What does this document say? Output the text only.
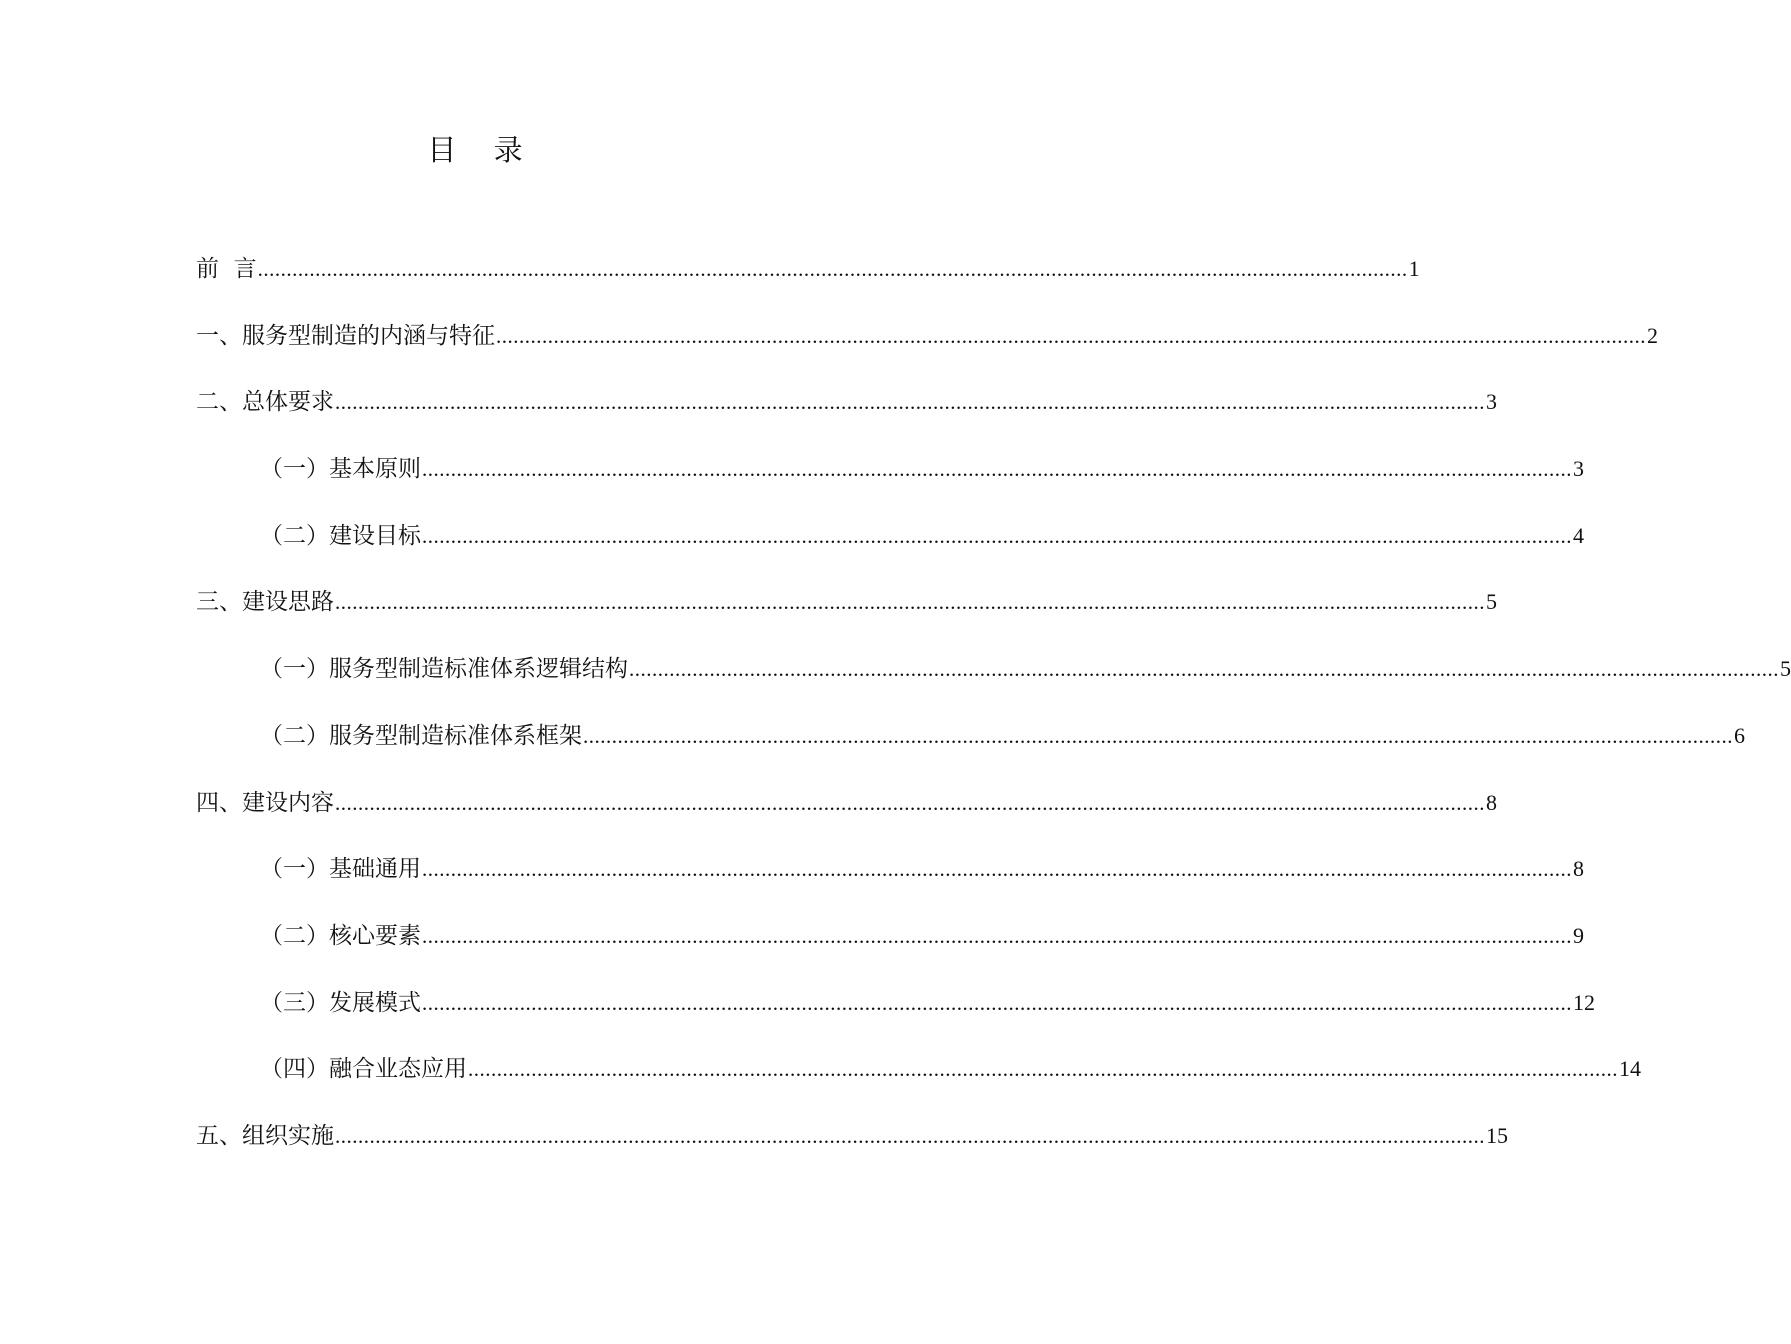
目 录
前  言 ........................................................................................................................................................................................................ 1
一、服务型制造的内涵与特征 ........................................................................................................................................................................................................ 2
二、总体要求 ........................................................................................................................................................................................................ 3
（一）基本原则 ........................................................................................................................................................................................................ 3
（二）建设目标 ........................................................................................................................................................................................................ 4
三、建设思路 ........................................................................................................................................................................................................ 5
（一）服务型制造标准体系逻辑结构 ........................................................................................................................................................................................................ 5
（二）服务型制造标准体系框架 ........................................................................................................................................................................................................ 6
四、建设内容 ........................................................................................................................................................................................................ 8
（一）基础通用 ........................................................................................................................................................................................................ 8
（二）核心要素 ........................................................................................................................................................................................................ 9
（三）发展模式 ........................................................................................................................................................................................................ 12
（四）融合业态应用 ........................................................................................................................................................................................................ 14
五、组织实施 ........................................................................................................................................................................................................ 15
